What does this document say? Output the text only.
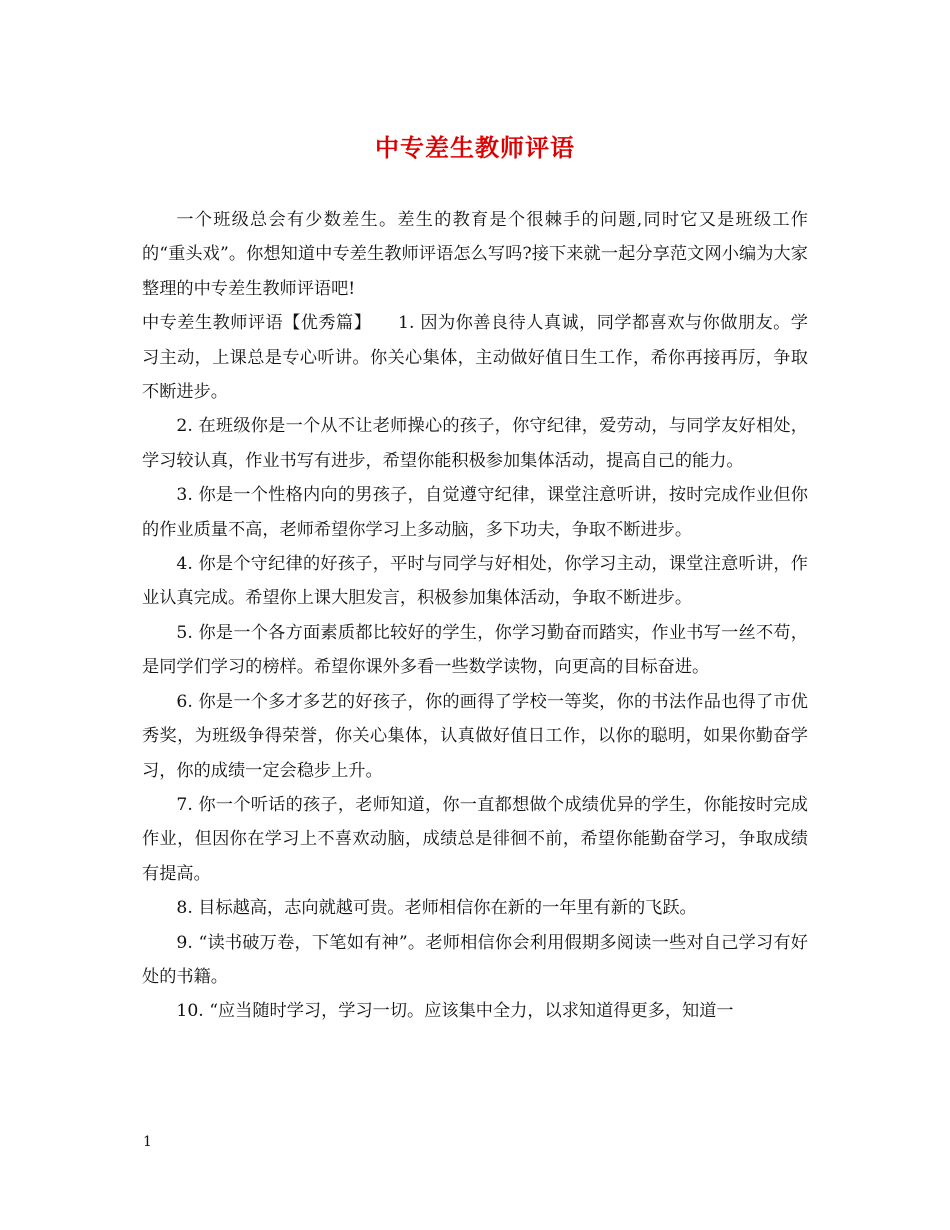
中专差生教师评语

一个班级总会有少数差生。差生的教育是个很棘手的问题,同时它又是班级工作的“重头戏”。你想知道中专差生教师评语怎么写吗?接下来就一起分享范文网小编为大家整理的中专差生教师评语吧!

中专差生教师评语【优秀篇】　　1. 因为你善良待人真诚，同学都喜欢与你做朋友。学习主动，上课总是专心听讲。你关心集体，主动做好值日生工作，希你再接再厉，争取不断进步。

2. 在班级你是一个从不让老师操心的孩子，你守纪律，爱劳动，与同学友好相处，学习较认真，作业书写有进步，希望你能积极参加集体活动，提高自己的能力。

3. 你是一个性格内向的男孩子，自觉遵守纪律，课堂注意听讲，按时完成作业但你的作业质量不高，老师希望你学习上多动脑，多下功夫，争取不断进步。

4. 你是个守纪律的好孩子，平时与同学与好相处，你学习主动，课堂注意听讲，作业认真完成。希望你上课大胆发言，积极参加集体活动，争取不断进步。

5. 你是一个各方面素质都比较好的学生，你学习勤奋而踏实，作业书写一丝不苟，是同学们学习的榜样。希望你课外多看一些数学读物，向更高的目标奋进。

6. 你是一个多才多艺的好孩子，你的画得了学校一等奖，你的书法作品也得了市优秀奖，为班级争得荣誉，你关心集体，认真做好值日工作，以你的聪明，如果你勤奋学习，你的成绩一定会稳步上升。

7. 你一个听话的孩子，老师知道，你一直都想做个成绩优异的学生，你能按时完成作业，但因你在学习上不喜欢动脑，成绩总是徘徊不前，希望你能勤奋学习，争取成绩有提高。

8. 目标越高，志向就越可贵。老师相信你在新的一年里有新的飞跃。

9. “读书破万卷，下笔如有神”。老师相信你会利用假期多阅读一些对自己学习有好处的书籍。

10. “应当随时学习，学习一切。应该集中全力，以求知道得更多，知道一

1
